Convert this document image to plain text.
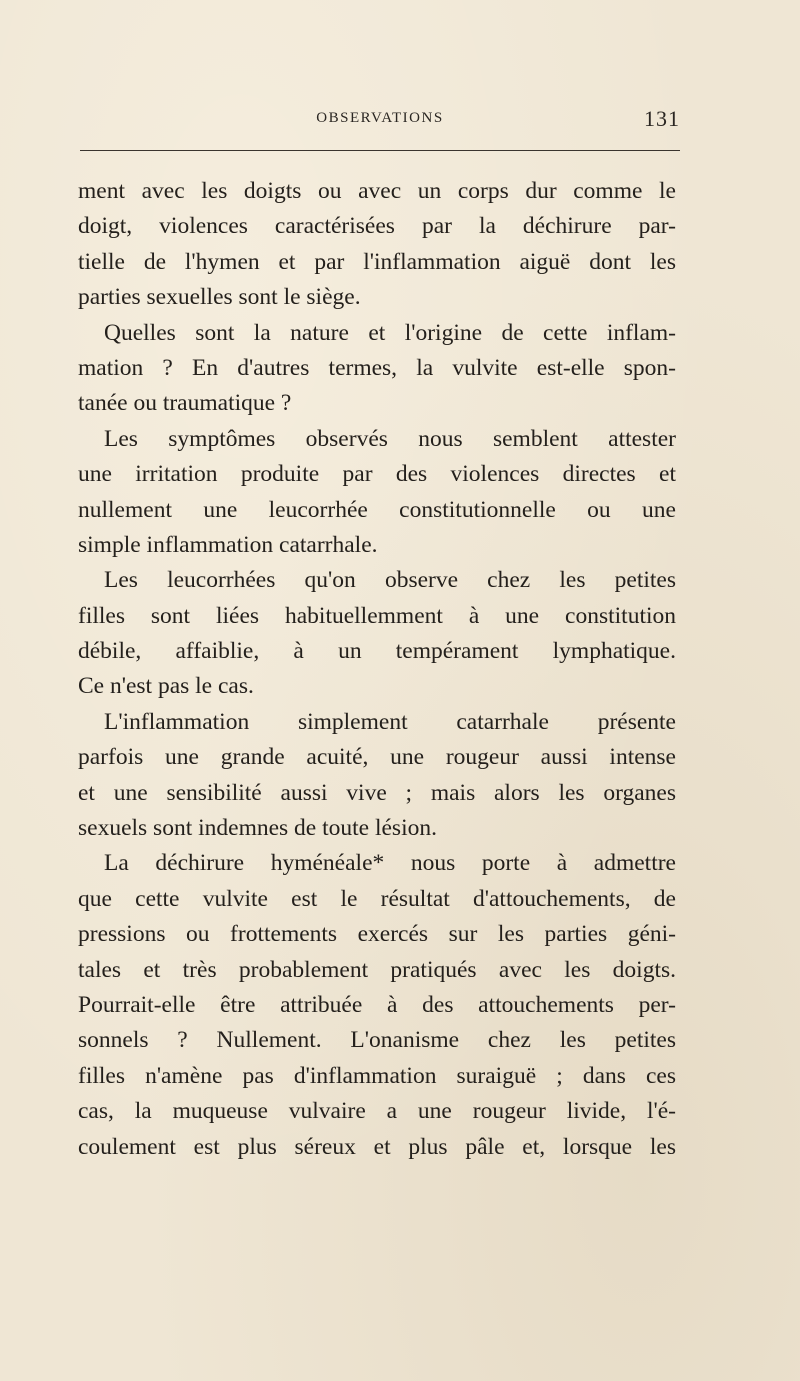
OBSERVATIONS	131
ment avec les doigts ou avec un corps dur comme le
doigt, violences caractérisées par la déchirure par-
tielle de l'hymen et par l'inflammation aiguë dont les
parties sexuelles sont le siège.
Quelles sont la nature et l'origine de cette inflam-
mation ? En d'autres termes, la vulvite est-elle spon-
tanée ou traumatique ?
Les symptômes observés nous semblent attester
une irritation produite par des violences directes et
nullement une leucorrhée constitutionnelle ou une
simple inflammation catarrhale.
Les leucorrhées qu'on observe chez les petites
filles sont liées habituellemment à une constitution
débile, affaiblie, à un tempérament lymphatique.
Ce n'est pas le cas.
L'inflammation simplement catarrhale présente
parfois une grande acuité, une rougeur aussi intense
et une sensibilité aussi vive ; mais alors les organes
sexuels sont indemnes de toute lésion.
La déchirure hyménéale* nous porte à admettre
que cette vulvite est le résultat d'attouchements, de
pressions ou frottements exercés sur les parties géni-
tales et très probablement pratiqués avec les doigts.
Pourrait-elle être attribuée à des attouchements per-
sonnels ? Nullement. L'onanisme chez les petites
filles n'amène pas d'inflammation suraiguë ; dans ces
cas, la muqueuse vulvaire a une rougeur livide, l'é-
coulement est plus séreux et plus pâle et, lorsque les
